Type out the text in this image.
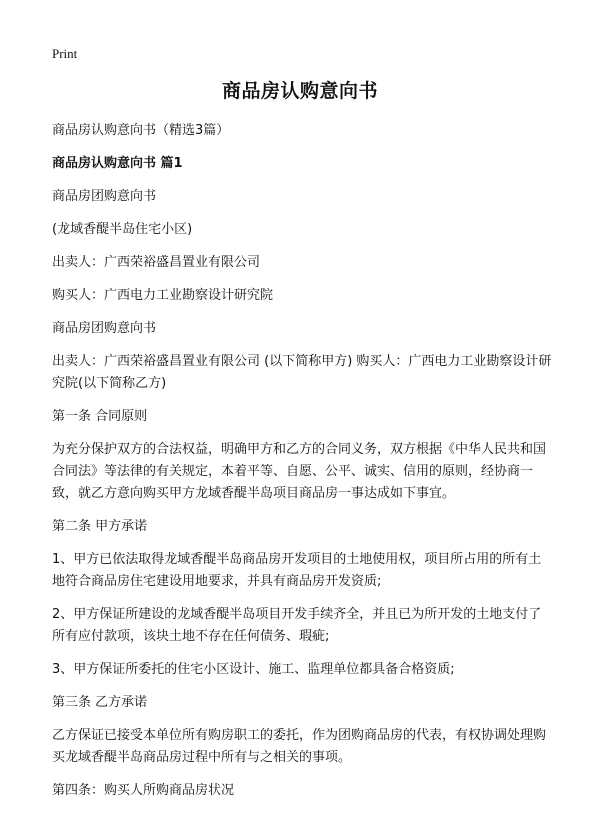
Print
商品房认购意向书

商品房认购意向书（精选3篇）

商品房认购意向书 篇1

商品房团购意向书

(龙域香醍半岛住宅小区)

出卖人：广西荣裕盛昌置业有限公司

购买人：广西电力工业勘察设计研究院

商品房团购意向书

出卖人：广西荣裕盛昌置业有限公司 (以下简称甲方) 购买人：广西电力工业勘察设计研究院(以下简称乙方)

第一条 合同原则

为充分保护双方的合法权益，明确甲方和乙方的合同义务，双方根据《中华人民共和国合同法》等法律的有关规定，本着平等、自愿、公平、诚实、信用的原则，经协商一致，就乙方意向购买甲方龙域香醍半岛项目商品房一事达成如下事宜。

第二条 甲方承诺

1、甲方已依法取得龙域香醍半岛商品房开发项目的土地使用权，项目所占用的所有土地符合商品房住宅建设用地要求，并具有商品房开发资质;

2、甲方保证所建设的龙域香醍半岛项目开发手续齐全，并且已为所开发的土地支付了所有应付款项，该块土地不存在任何债务、瑕疵;

3、甲方保证所委托的住宅小区设计、施工、监理单位都具备合格资质;

第三条 乙方承诺

乙方保证已接受本单位所有购房职工的委托，作为团购商品房的代表，有权协调处理购买龙域香醍半岛商品房过程中所有与之相关的事项。

第四条：购买人所购商品房状况
